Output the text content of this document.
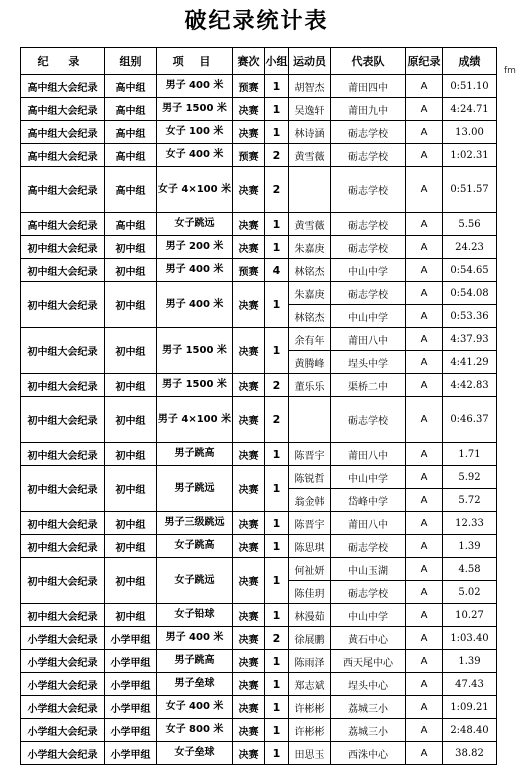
破纪录统计表
fm
纪 录	组别	项 目	赛次	小组	运动员	代表队	原纪录	成绩
高中组大会纪录	高中组	男子 400 米	预赛	1	胡智杰	莆田四中	A	0:51.10
高中组大会纪录	高中组	男子 1500 米	决赛	1	吴逸轩	莆田九中	A	4:24.71
高中组大会纪录	高中组	女子 100 米	决赛	1	林诗涵	砺志学校	A	13.00
高中组大会纪录	高中组	女子 400 米	预赛	2	黄雪薇	砺志学校	A	1:02.31
高中组大会纪录	高中组	女子 4×100 米	决赛	2		砺志学校	A	0:51.57
高中组大会纪录	高中组	女子跳远	决赛	1	黄雪薇	砺志学校	A	5.56
初中组大会纪录	初中组	男子 200 米	决赛	1	朱嘉庚	砺志学校	A	24.23
初中组大会纪录	初中组	男子 400 米	预赛	4	林铭杰	中山中学	A	0:54.65
初中组大会纪录	初中组	男子 400 米	决赛	1	朱嘉庚	砺志学校	A	0:54.08
					林铭杰	中山中学	A	0:53.36
初中组大会纪录	初中组	男子 1500 米	决赛	1	余有年	莆田八中	A	4:37.93
					黄腾峰	埕头中学	A	4:41.29
初中组大会纪录	初中组	男子 1500 米	决赛	2	董乐乐	渠桥二中	A	4:42.83
初中组大会纪录	初中组	男子 4×100 米	决赛	2		砺志学校	A	0:46.37
初中组大会纪录	初中组	男子跳高	决赛	1	陈晋宇	莆田八中	A	1.71
初中组大会纪录	初中组	男子跳远	决赛	1	陈锐哲	中山中学	A	5.92
					翁金韩	岱峰中学	A	5.72
初中组大会纪录	初中组	男子三级跳远	决赛	1	陈晋宇	莆田八中	A	12.33
初中组大会纪录	初中组	女子跳高	决赛	1	陈思琪	砺志学校	A	1.39
初中组大会纪录	初中组	女子跳远	决赛	1	何祉妍	中山玉湖	A	4.58
					陈佳玥	砺志学校	A	5.02
初中组大会纪录	初中组	女子铅球	决赛	1	林漫茹	中山中学	A	10.27
小学组大会纪录	小学甲组	男子 400 米	决赛	2	徐展鹏	黄石中心	A	1:03.40
小学组大会纪录	小学甲组	男子跳高	决赛	1	陈雨泽	西天尾中心	A	1.39
小学组大会纪录	小学甲组	男子垒球	决赛	1	郑志斌	埕头中心	A	47.43
小学组大会纪录	小学甲组	女子 400 米	决赛	1	许彬彬	荔城三小	A	1:09.21
小学组大会纪录	小学甲组	女子 800 米	决赛	1	许彬彬	荔城三小	A	2:48.40
小学组大会纪录	小学甲组	女子垒球	决赛	1	田思玉	西洙中心	A	38.82
